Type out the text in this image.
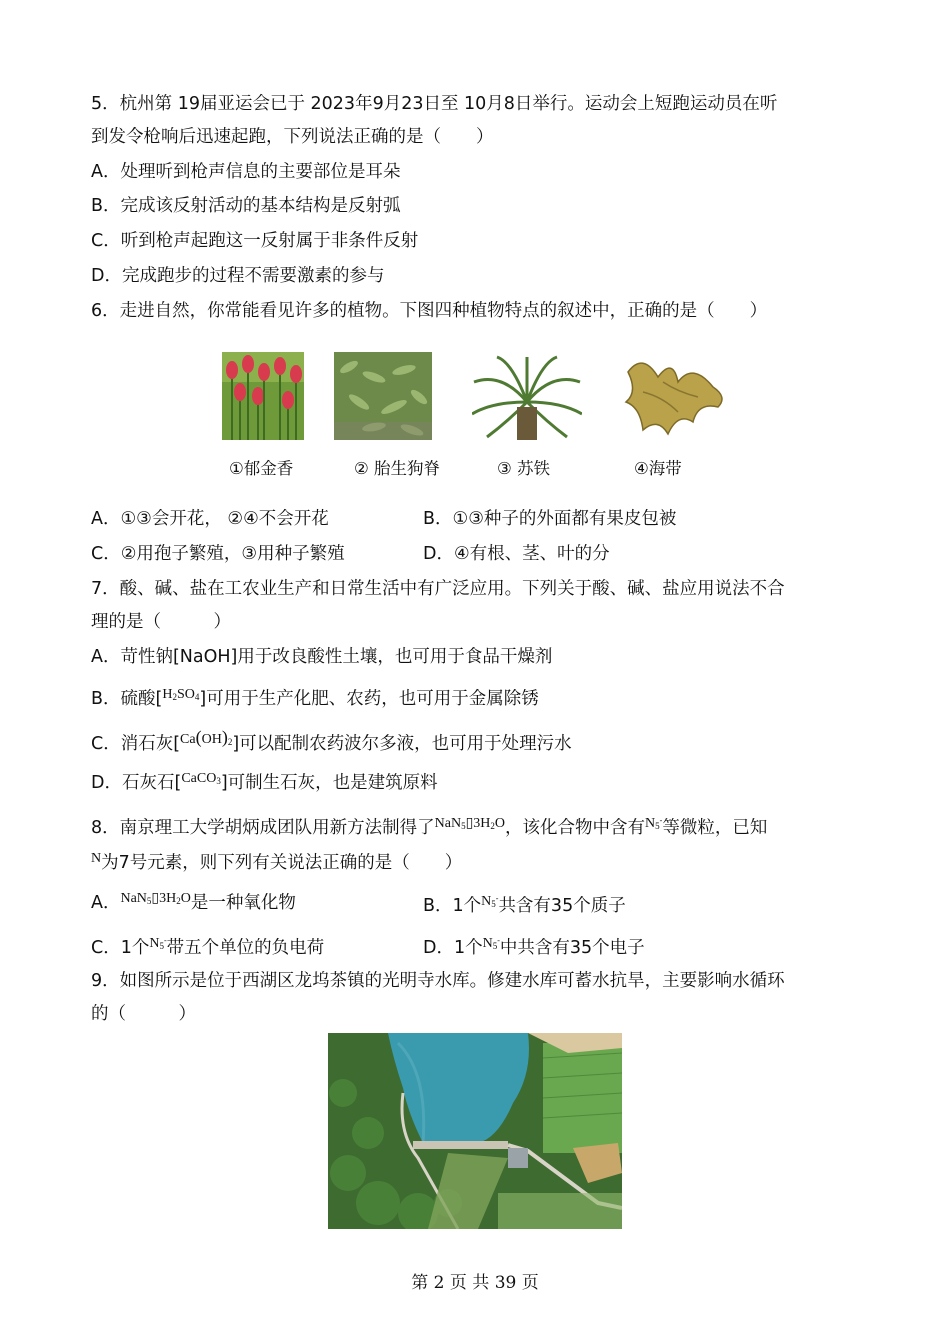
5．杭州第 19届亚运会已于 2023年9月23日至 10月8日举行。运动会上短跑运动员在听
到发令枪响后迅速起跑，下列说法正确的是（　　）
A．处理听到枪声信息的主要部位是耳朵
B．完成该反射活动的基本结构是反射弧
C．听到枪声起跑这一反射属于非条件反射
D．完成跑步的过程不需要激素的参与
6．走进自然，你常能看见许多的植物。下图四种植物特点的叙述中，正确的是（　　）
①郁金香	② 胎生狗脊	③ 苏铁	④海带
A．①③会开花， ②④不会开花	B．①③种子的外面都有果皮包被
C．②用孢子繁殖，③用种子繁殖	D．④有根、茎、叶的分
7．酸、碱、盐在工农业生产和日常生活中有广泛应用。下列关于酸、碱、盐应用说法不合
理的是（　　　）
A．苛性钠[NaOH]用于改良酸性土壤，也可用于食品干燥剂
B．硫酸[$^{H_2SO_4}$]可用于生产化肥、农药，也可用于金属除锈
C．消石灰[$^{Ca(OH)_2}$]可以配制农药波尔多液，也可用于处理污水
D．石灰石[$^{CaCO_3}$]可制生石灰，也是建筑原料
8．南京理工大学胡炳成团队用新方法制得了$^{NaN_5▯3H_2O}$，该化合物中含有$^{N_5^-}$等微粒，已知
$^N$为7号元素，则下列有关说法正确的是（　　）
A．$^{NaN_5▯3H_2O}$是一种氧化物	B．1个$^{N_5^-}$共含有35个质子
C．1个$^{N_5^-}$带五个单位的负电荷	D．1个$^{N_5^-}$中共含有35个电子
9．如图所示是位于西湖区龙坞茶镇的光明寺水库。修建水库可蓄水抗旱，主要影响水循环
的（　　　）
第 2 页 共 39 页
